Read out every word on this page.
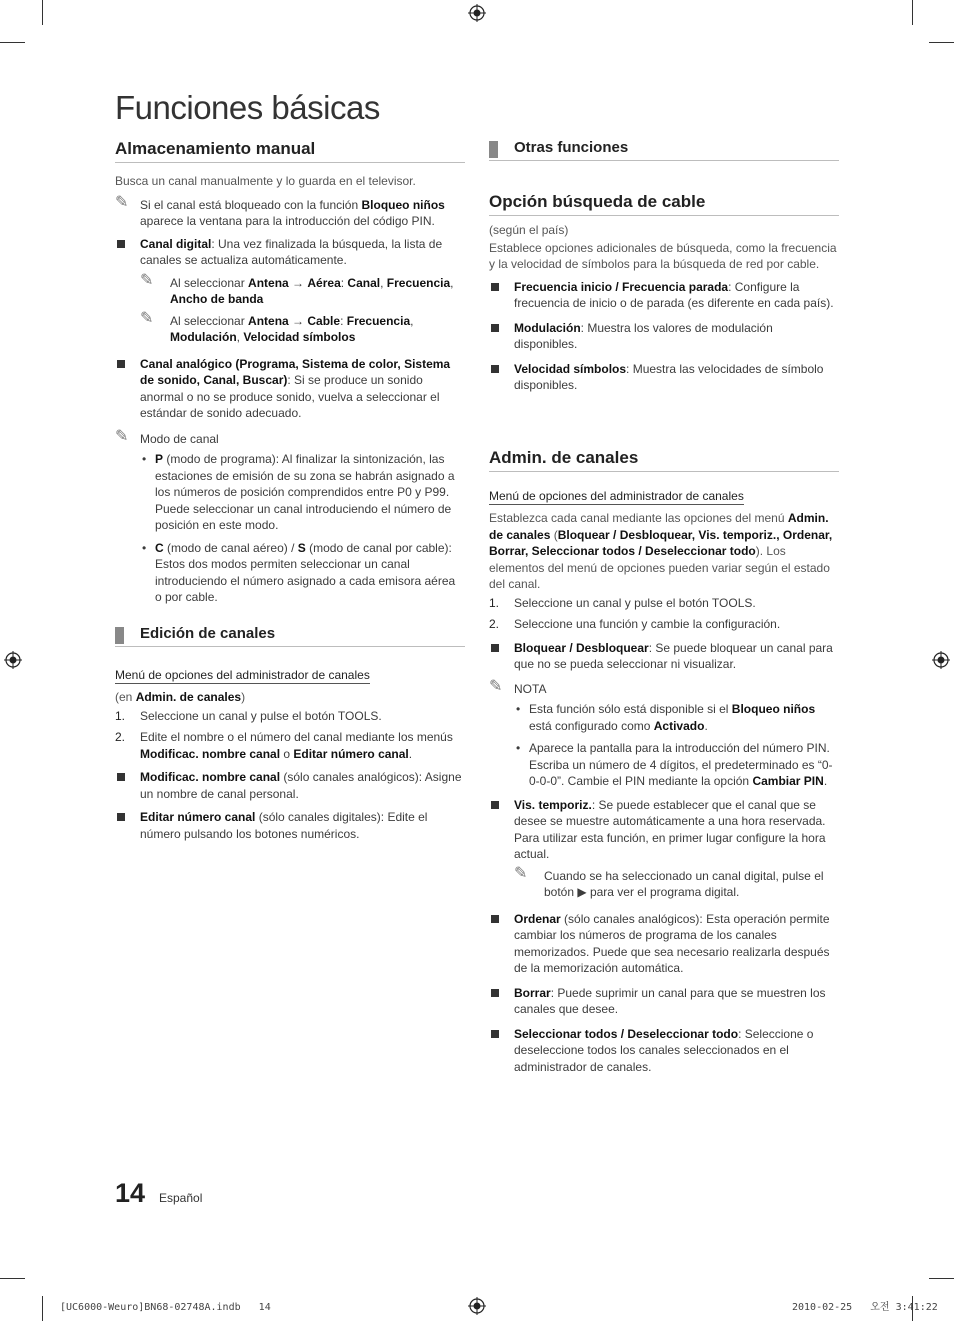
Funciones básicas
Almacenamiento manual

Busca un canal manualmente y lo guarda en el televisor.

✎ Si el canal está bloqueado con la función Bloqueo niños aparece la ventana para la introducción del código PIN.
Canal digital: Una vez finalizada la búsqueda, la lista de canales se actualiza automáticamente.
✎ Al seleccionar Antena → Aérea: Canal, Frecuencia, Ancho de banda
✎ Al seleccionar Antena → Cable: Frecuencia, Modulación, Velocidad símbolos
Canal analógico (Programa, Sistema de color, Sistema de sonido, Canal, Buscar): Si se produce un sonido anormal o no se produce sonido, vuelva a seleccionar el estándar de sonido adecuado.
✎ Modo de canal
• P (modo de programa): Al finalizar la sintonización, las estaciones de emisión de su zona se habrán asignado a los números de posición comprendidos entre P0 y P99. Puede seleccionar un canal introduciendo el número de posición en este modo.
• C (modo de canal aéreo) / S (modo de canal por cable): Estos dos modos permiten seleccionar un canal introduciendo el número asignado a cada emisora aérea o por cable.
Edición de canales

Menú de opciones del administrador de canales

(en Admin. de canales)

1. Seleccione un canal y pulse el botón TOOLS.
2. Edite el nombre o el número del canal mediante los menús Modificac. nombre canal o Editar número canal.
Modificac. nombre canal (sólo canales analógicos): Asigne un nombre de canal personal.
Editar número canal (sólo canales digitales): Edite el número pulsando los botones numéricos.
Otras funciones
Opción búsqueda de cable

(según el país)

Establece opciones adicionales de búsqueda, como la frecuencia y la velocidad de símbolos para la búsqueda de red por cable.

Frecuencia inicio / Frecuencia parada: Configure la frecuencia de inicio o de parada (es diferente en cada país).
Modulación: Muestra los valores de modulación disponibles.
Velocidad símbolos: Muestra las velocidades de símbolo disponibles.
Admin. de canales

Menú de opciones del administrador de canales

Establezca cada canal mediante las opciones del menú Admin. de canales (Bloquear / Desbloquear, Vis. temporiz., Ordenar, Borrar, Seleccionar todos / Deseleccionar todo). Los elementos del menú de opciones pueden variar según el estado del canal.

1. Seleccione un canal y pulse el botón TOOLS.
2. Seleccione una función y cambie la configuración.
Bloquear / Desbloquear: Se puede bloquear un canal para que no se pueda seleccionar ni visualizar.
✎ NOTA
• Esta función sólo está disponible si el Bloqueo niños está configurado como Activado.
• Aparece la pantalla para la introducción del número PIN. Escriba un número de 4 dígitos, el predeterminado es “0-0-0-0”. Cambie el PIN mediante la opción Cambiar PIN.
Vis. temporiz.: Se puede establecer que el canal que se desee se muestre automáticamente a una hora reservada. Para utilizar esta función, en primer lugar configure la hora actual.
✎ Cuando se ha seleccionado un canal digital, pulse el botón ▶ para ver el programa digital.
Ordenar (sólo canales analógicos): Esta operación permite cambiar los números de programa de los canales memorizados. Puede que sea necesario realizarla después de la memorización automática.
Borrar: Puede suprimir un canal para que se muestren los canales que desee.
Seleccionar todos / Deseleccionar todo: Seleccione o deseleccione todos los canales seleccionados en el administrador de canales.
14 Español
[UC6000-Weuro]BN68-02748A.indb   14	2010-02-25   오전 3:41:22
